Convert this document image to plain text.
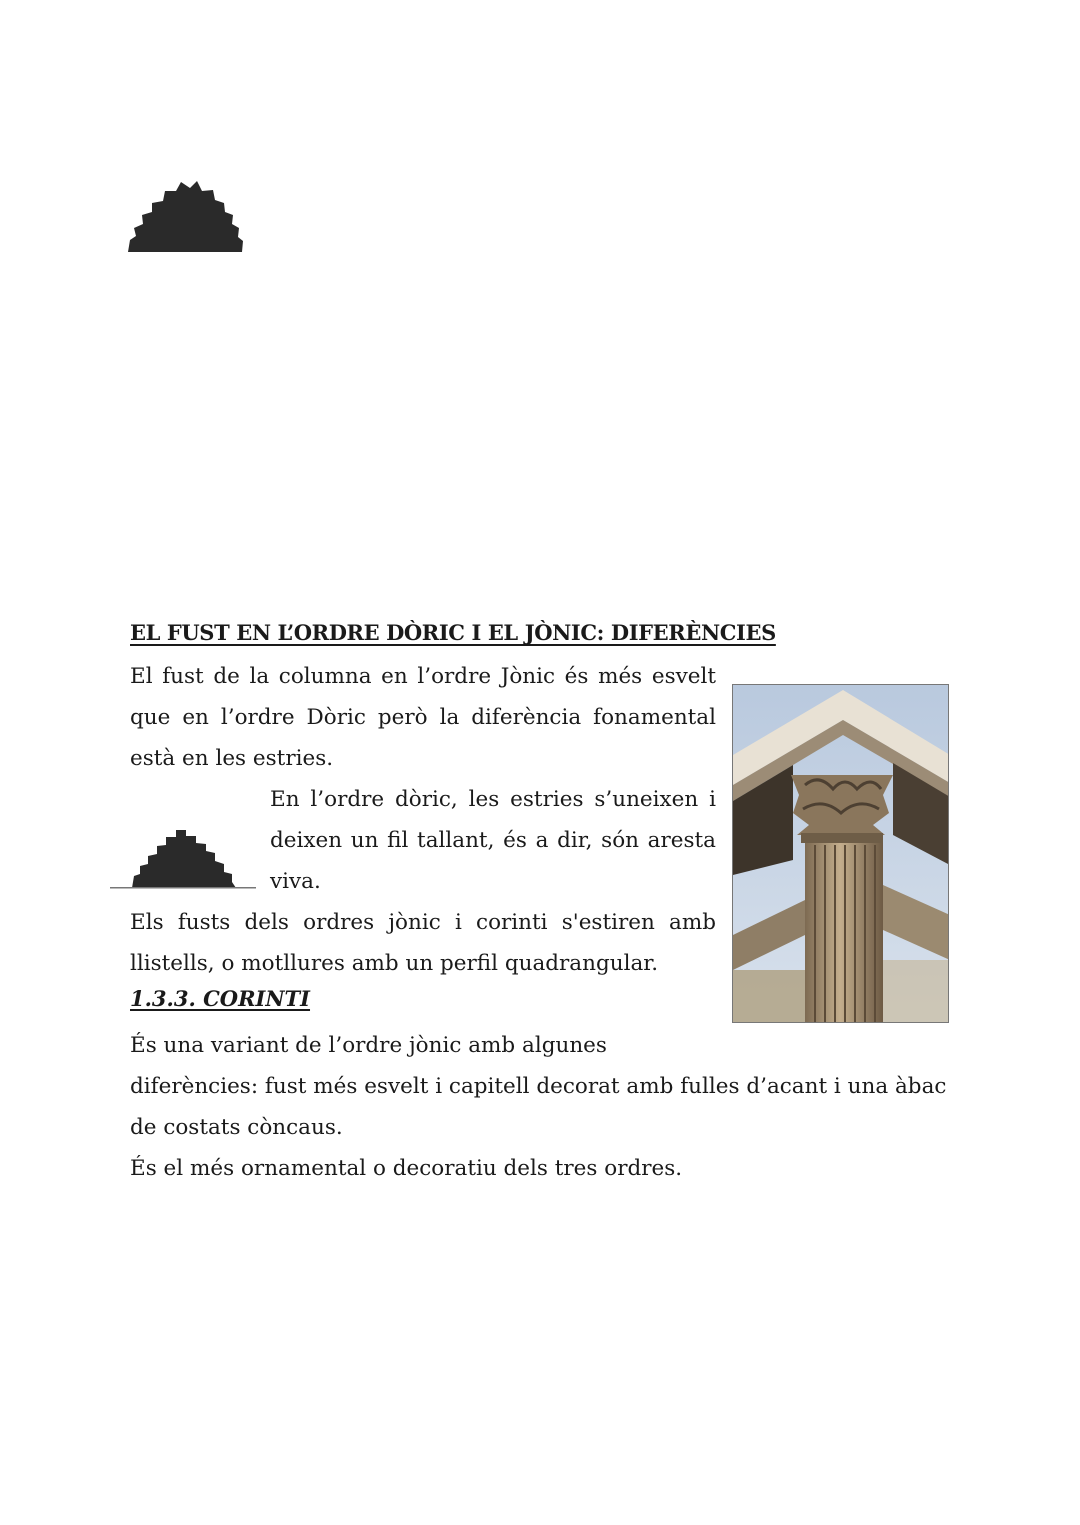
EL FUST EN L’ORDRE DÒRIC I EL JÒNIC: DIFERÈNCIES

El fust de la columna en l’ordre Jònic és més esvelt que en l’ordre Dòric però la diferència fonamental està en les estries.

En l’ordre dòric, les estries s’uneixen i deixen un fil tallant, és a dir, són aresta viva.

Els fusts dels ordres jònic i corinti s'estiren amb llistells, o motllures amb un perfil quadrangular.

1.3.3. CORINTI

És una variant de l’ordre jònic amb algunes
diferències: fust més esvelt i capitell decorat amb fulles d’acant i una àbac
de costats còncaus.

És el més ornamental o decoratiu dels tres ordres.
